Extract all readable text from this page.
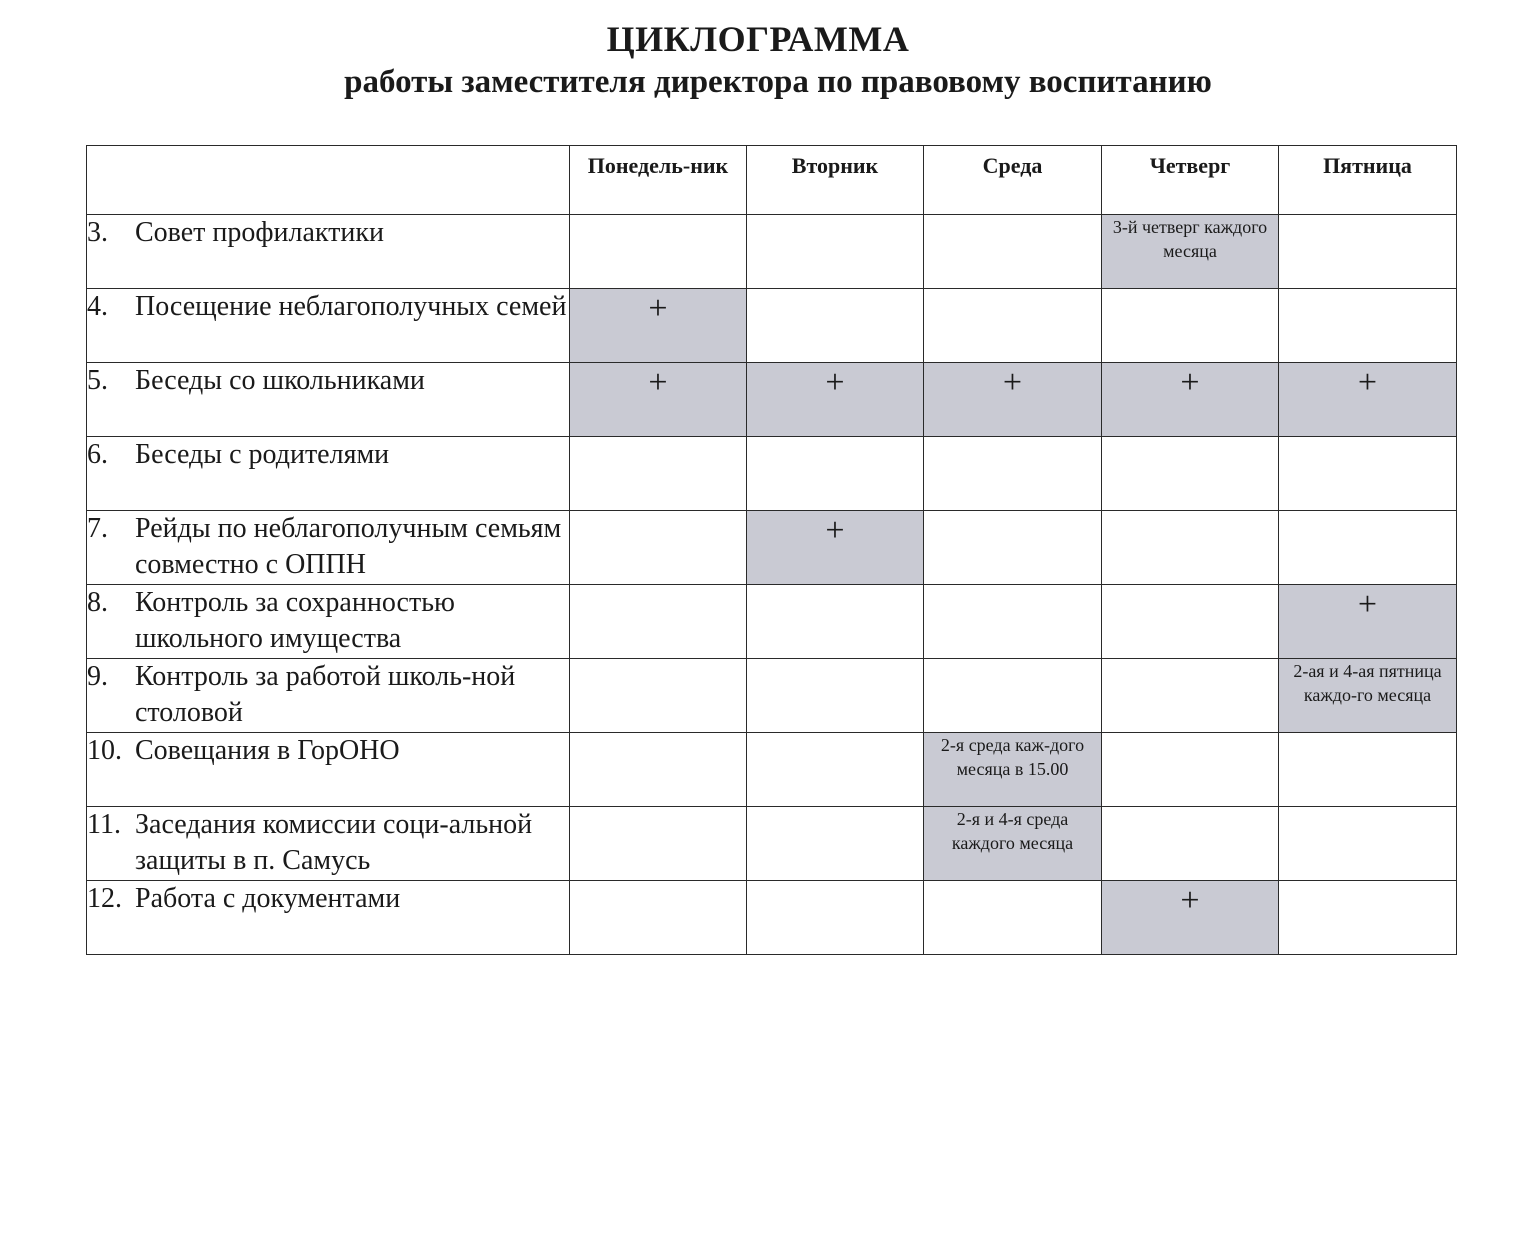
ЦИКЛОГРАММА
работы заместителя директора по правовому воспитанию
	Понедель-ник	Вторник	Среда	Четверг	Пятница

3. Совет профилактики				3-й четверг каждого месяца	

4. Посещение неблагополучных семей	+				

5. Беседы со школьниками	+	+	+	+	+

6. Беседы с родителями					

7. Рейды по неблагополучным семьям совместно с ОППН		+			

8. Контроль за сохранностью школьного имущества					+

9. Контроль за работой школь-ной столовой					2-ая и 4-ая пятница каждо-го месяца

10. Совещания в ГорОНО			2-я среда каж-дого месяца в 15.00		

11. Заседания комиссии соци-альной защиты в п. Самусь			2-я и 4-я среда каждого месяца		

12. Работа с документами				+	
